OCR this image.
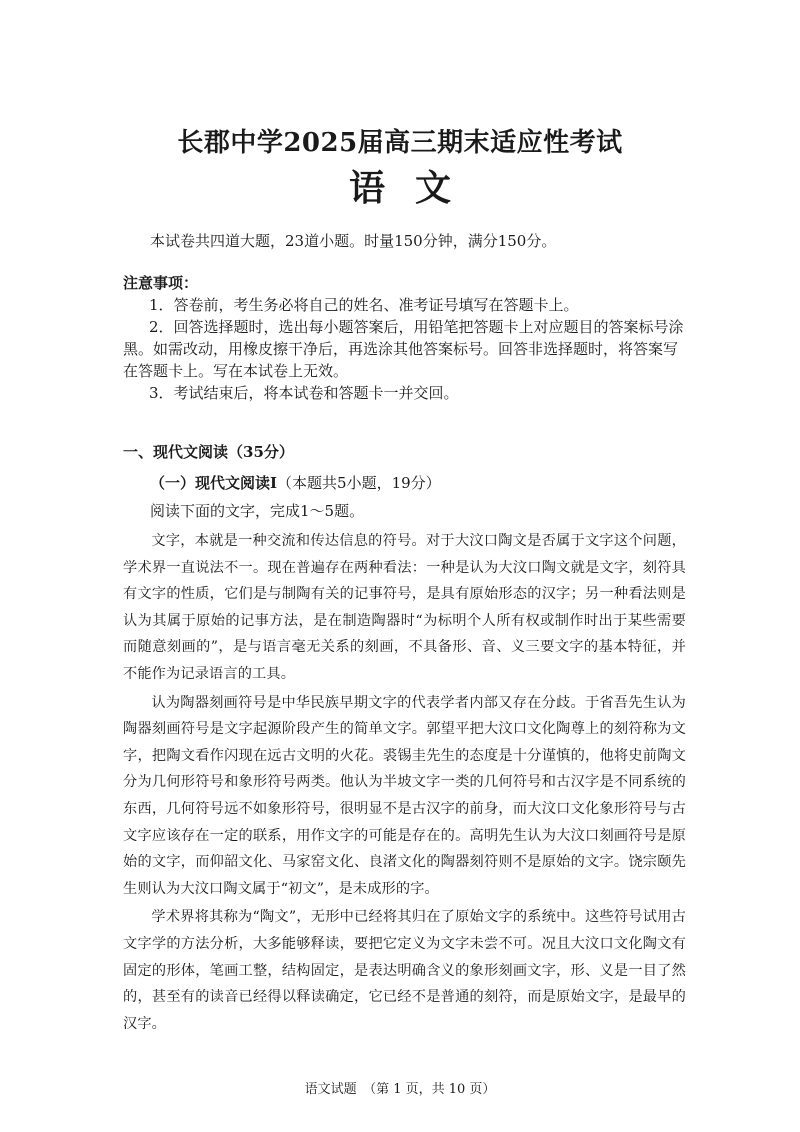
长郡中学2025届高三期末适应性考试
语文
本试卷共四道大题，23道小题。时量150分钟，满分150分。
注意事项：
1．答卷前，考生务必将自己的姓名、准考证号填写在答题卡上。
2．回答选择题时，选出每小题答案后，用铅笔把答题卡上对应题目的答案标号涂黑。如需改动，用橡皮擦干净后，再选涂其他答案标号。回答非选择题时，将答案写在答题卡上。写在本试卷上无效。
3．考试结束后，将本试卷和答题卡一并交回。
一、现代文阅读（35分）
（一）现代文阅读Ⅰ（本题共5小题，19分）
阅读下面的文字，完成1～5题。

文字，本就是一种交流和传达信息的符号。对于大汶口陶文是否属于文字这个问题，学术界一直说法不一。现在普遍存在两种看法：一种是认为大汶口陶文就是文字，刻符具有文字的性质，它们是与制陶有关的记事符号，是具有原始形态的汉字；另一种看法则是认为其属于原始的记事方法，是在制造陶器时“为标明个人所有权或制作时出于某些需要而随意刻画的”，是与语言毫无关系的刻画，不具备形、音、义三要文字的基本特征，并不能作为记录语言的工具。

认为陶器刻画符号是中华民族早期文字的代表学者内部又存在分歧。于省吾先生认为陶器刻画符号是文字起源阶段产生的简单文字。郭望平把大汶口文化陶尊上的刻符称为文字，把陶文看作闪现在远古文明的火花。裘锡圭先生的态度是十分谨慎的，他将史前陶文分为几何形符号和象形符号两类。他认为半坡文字一类的几何符号和古汉字是不同系统的东西，几何符号远不如象形符号，很明显不是古汉字的前身，而大汶口文化象形符号与古文字应该存在一定的联系，用作文字的可能是存在的。高明先生认为大汶口刻画符号是原始的文字，而仰韶文化、马家窑文化、良渚文化的陶器刻符则不是原始的文字。饶宗颐先生则认为大汶口陶文属于“初文”，是未成形的字。

学术界将其称为“陶文”，无形中已经将其归在了原始文字的系统中。这些符号试用古文字学的方法分析，大多能够释读，要把它定义为文字未尝不可。况且大汶口文化陶文有固定的形体，笔画工整，结构固定，是表达明确含义的象形刻画文字，形、义是一目了然的，甚至有的读音已经得以释读确定，它已经不是普通的刻符，而是原始文字，是最早的汉字。

语文试题　（第 1 页，共 10 页）
